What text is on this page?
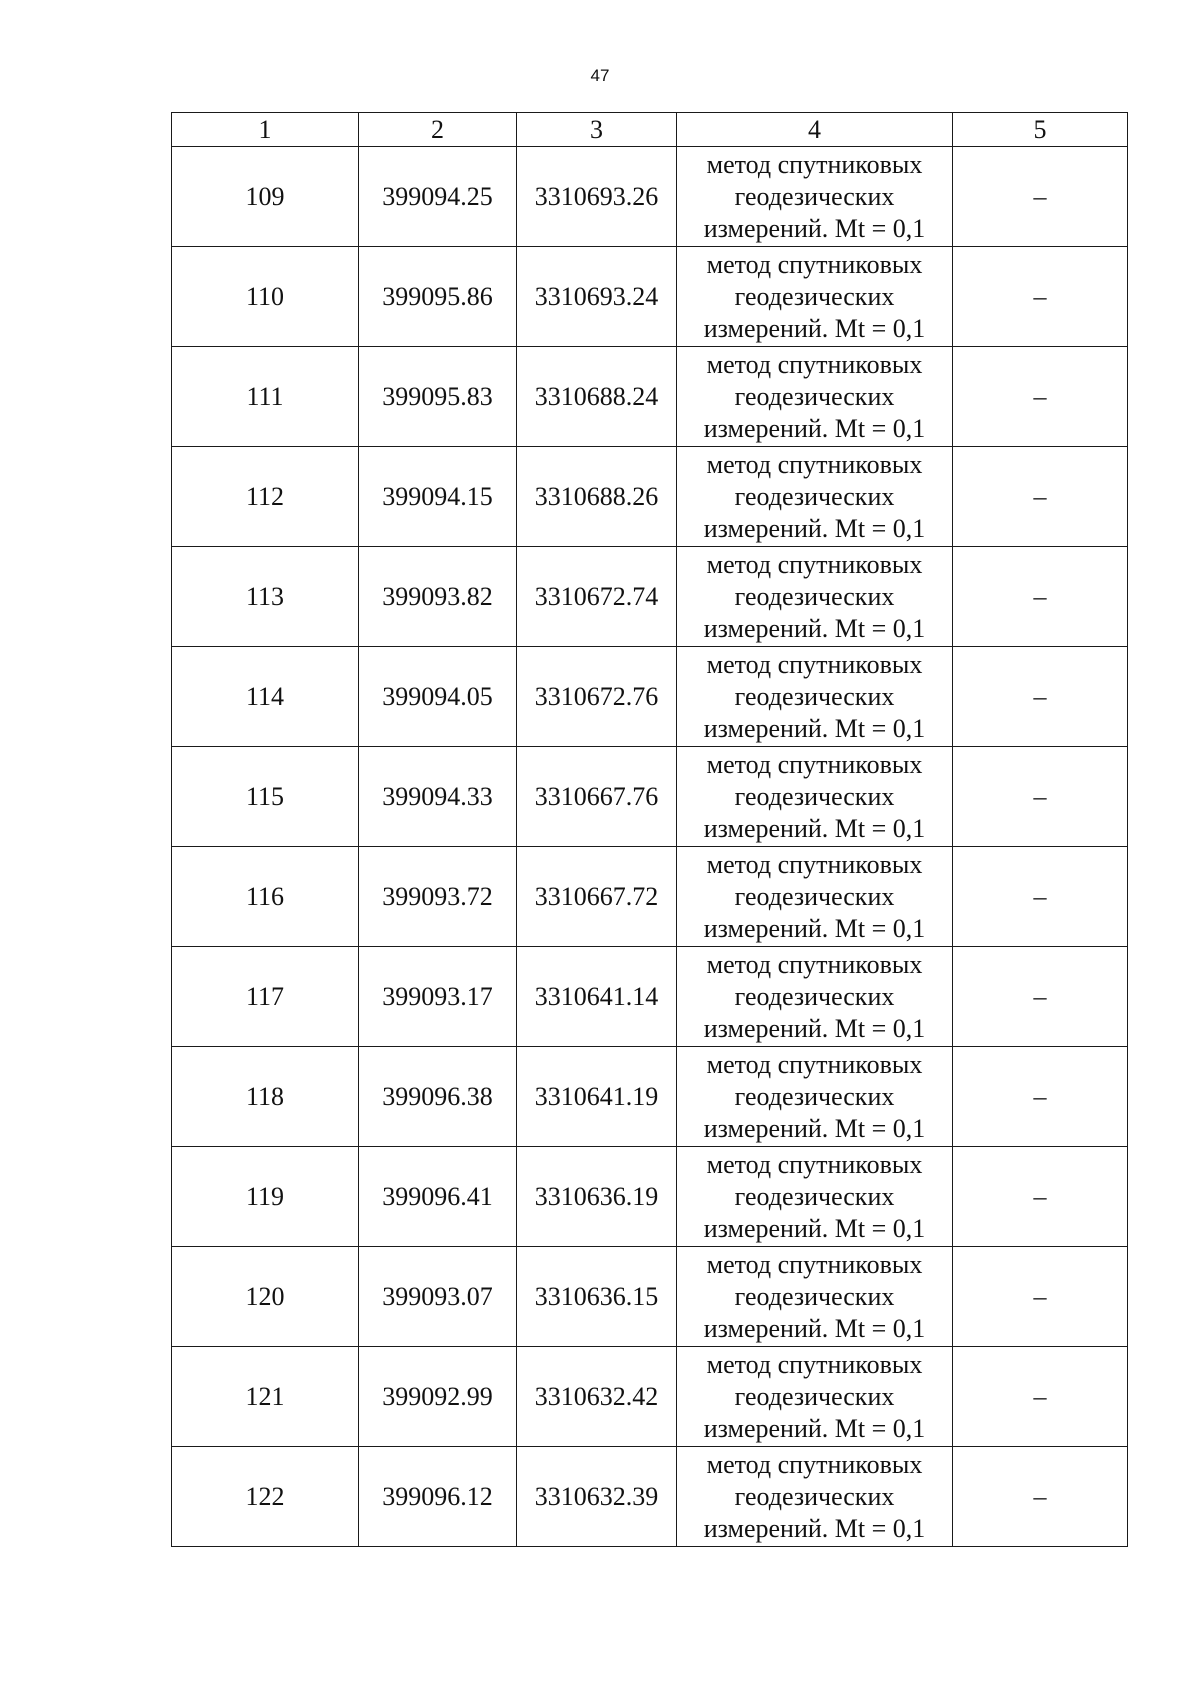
47
1	2	3	4	5
109	399094.25	3310693.26	метод спутниковых
геодезических
измерений. Mt = 0,1	–
110	399095.86	3310693.24	метод спутниковых
геодезических
измерений. Mt = 0,1	–
111	399095.83	3310688.24	метод спутниковых
геодезических
измерений. Mt = 0,1	–
112	399094.15	3310688.26	метод спутниковых
геодезических
измерений. Mt = 0,1	–
113	399093.82	3310672.74	метод спутниковых
геодезических
измерений. Mt = 0,1	–
114	399094.05	3310672.76	метод спутниковых
геодезических
измерений. Mt = 0,1	–
115	399094.33	3310667.76	метод спутниковых
геодезических
измерений. Mt = 0,1	–
116	399093.72	3310667.72	метод спутниковых
геодезических
измерений. Mt = 0,1	–
117	399093.17	3310641.14	метод спутниковых
геодезических
измерений. Mt = 0,1	–
118	399096.38	3310641.19	метод спутниковых
геодезических
измерений. Mt = 0,1	–
119	399096.41	3310636.19	метод спутниковых
геодезических
измерений. Mt = 0,1	–
120	399093.07	3310636.15	метод спутниковых
геодезических
измерений. Mt = 0,1	–
121	399092.99	3310632.42	метод спутниковых
геодезических
измерений. Mt = 0,1	–
122	399096.12	3310632.39	метод спутниковых
геодезических
измерений. Mt = 0,1	–
